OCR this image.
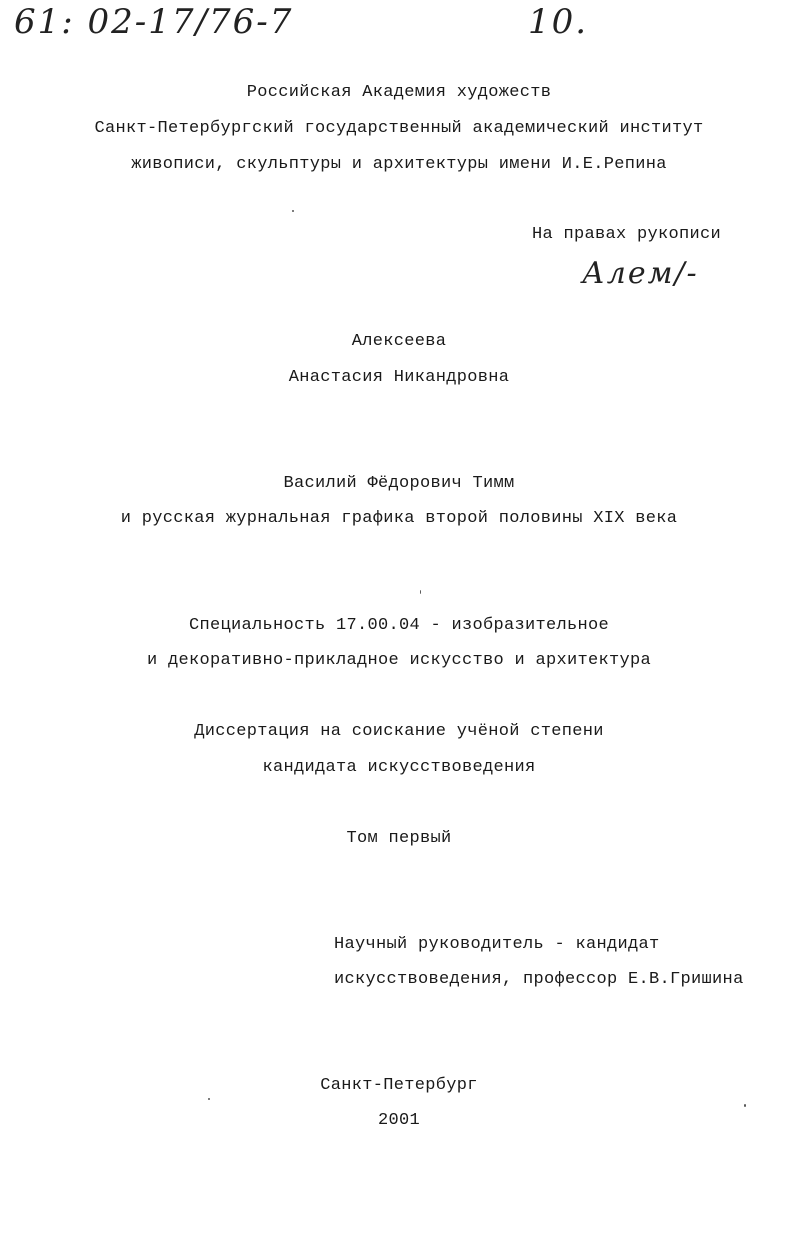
61: 02-17/76-7	10.
Алем/-
Российская Академия художеств
Санкт-Петербургский государственный академический институт
живописи, скульптуры и архитектуры имени И.Е.Репина
На правах рукописи
Алексеева
Анастасия Никандровна
Василий Фёдорович Тимм
и русская журнальная графика второй половины XIX века
Специальность 17.00.04 - изобразительное
и декоративно-прикладное искусство и архитектура
Диссертация на соискание учёной степени
кандидата искусствоведения
Том первый
Научный руководитель - кандидат
искусствоведения, профессор Е.В.Гришина
Санкт-Петербург
2001
